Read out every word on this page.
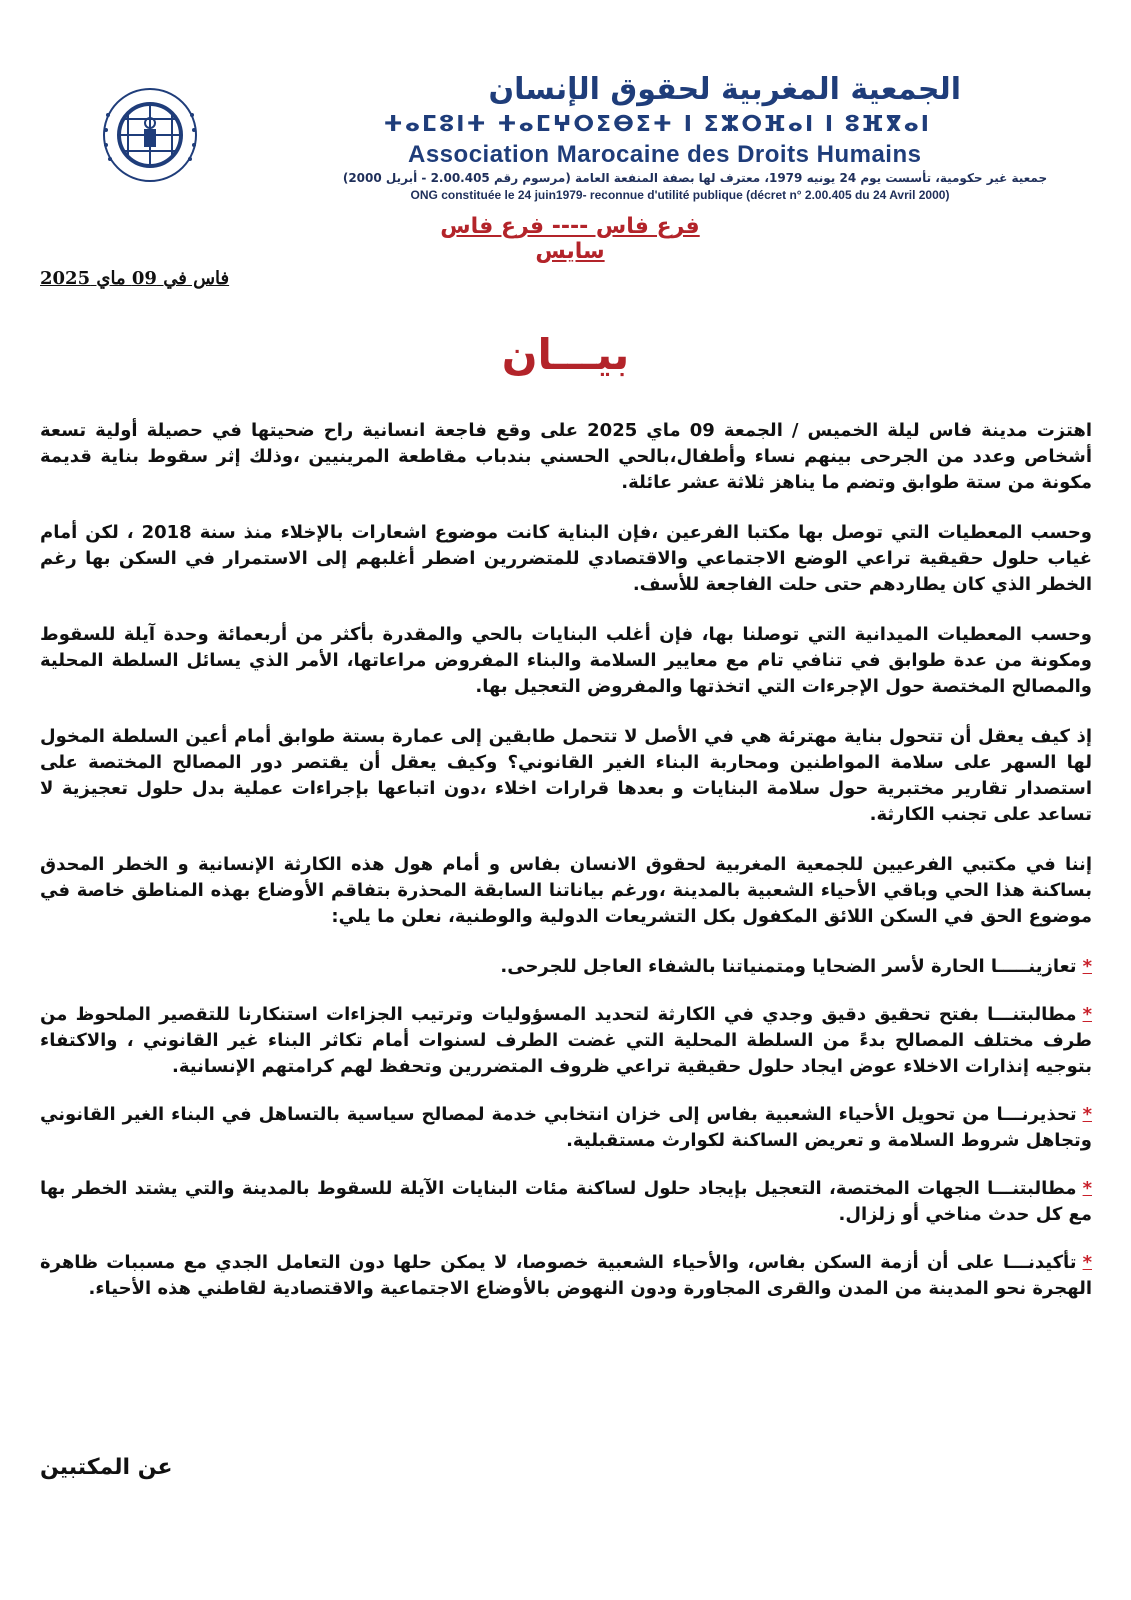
الجمعية المغربية لحقوق الإنسان
ⵜⴰⵎⵓⵏⵜ ⵜⴰⵎⵖⵔⵉⴱⵉⵜ ⵏ ⵉⵣⵔⴼⴰⵏ ⵏ ⵓⴼⴳⴰⵏ
Association Marocaine des Droits Humains
جمعية غير حكومية، تأسست يوم 24 يونيه 1979، معترف لها بصفة المنفعة العامة (مرسوم رقم 2.00.405 - أبريل 2000)
ONG constituée le 24 juin1979- reconnue d'utilité publique (décret n° 2.00.405 du 24 Avril 2000)
فرع فاس ---- فرع فاس سايس
فاس في 09 ماي 2025
بيـــان

اهتزت مدينة فاس ليلة الخميس / الجمعة 09 ماي 2025 على وقع فاجعة انسانية راح ضحيتها في حصيلة أولية تسعة أشخاص وعدد من الجرحى بينهم نساء وأطفال،بالحي الحسني بندباب مقاطعة المرينيين ،وذلك إثر سقوط بناية قديمة مكونة من ستة طوابق وتضم ما يناهز ثلاثة عشر عائلة.

وحسب المعطيات التي توصل بها مكتبا الفرعين ،فإن البناية كانت موضوع اشعارات بالإخلاء منذ سنة 2018 ، لكن أمام غياب حلول حقيقية تراعي الوضع الاجتماعي والاقتصادي للمتضررين اضطر أغلبهم إلى الاستمرار في السكن بها رغم الخطر الذي كان يطاردهم حتى حلت الفاجعة للأسف.

وحسب المعطيات الميدانية التي توصلنا بها، فإن أغلب البنايات بالحي والمقدرة بأكثر من أربعمائة وحدة آيلة للسقوط ومكونة من عدة طوابق في تنافي تام مع معايير السلامة والبناء المفروض مراعاتها، الأمر الذي يسائل السلطة المحلية والمصالح المختصة حول الإجرءات التي اتخذتها والمفروض التعجيل بها.

إذ كيف يعقل أن تتحول بناية مهترئة هي في الأصل لا تتحمل طابقين إلى عمارة بستة طوابق أمام أعين السلطة المخول لها السهر على سلامة المواطنين ومحاربة البناء الغير القانوني؟ وكيف يعقل أن يقتصر دور المصالح المختصة على استصدار تقارير مختبرية حول سلامة البنايات و بعدها قرارات اخلاء ،دون اتباعها بإجراءات عملية بدل حلول تعجيزية لا تساعد على تجنب الكارثة.

إننا في مكتبي الفرعيين للجمعية المغربية لحقوق الانسان بفاس و أمام هول هذه الكارثة الإنسانية و الخطر المحدق بساكنة هذا الحي وباقي الأحياء الشعبية بالمدينة ،ورغم بياناتنا السابقة المحذرة بتفاقم الأوضاع بهذه المناطق خاصة في موضوع الحق في السكن اللائق المكفول بكل التشريعات الدولية والوطنية، نعلن ما يلي:

*تعازينـــــا الحارة لأسر الضحايا ومتمنياتنا بالشفاء العاجل للجرحى.

*مطالبتنـــا بفتح تحقيق دقيق وجدي في الكارثة لتحديد المسؤوليات وترتيب الجزاءات استنكارنا للتقصير الملحوظ من طرف مختلف المصالح بدءً من السلطة المحلية التي غضت الطرف لسنوات أمام تكاثر البناء غير القانوني ، والاكتفاء بتوجيه إنذارات الاخلاء عوض ايجاد حلول حقيقية تراعي ظروف المتضررين وتحفظ لهم كرامتهم الإنسانية.

*تحذيرنـــا من تحويل الأحياء الشعبية بفاس إلى خزان انتخابي خدمة لمصالح سياسية بالتساهل في البناء الغير القانوني وتجاهل شروط السلامة و تعريض الساكنة لكوارث مستقبلية.

*مطالبتنـــا الجهات المختصة، التعجيل بإيجاد حلول لساكنة مئات البنايات الآيلة للسقوط بالمدينة والتي يشتد الخطر بها مع كل حدث مناخي أو زلزال.

*تأكيدنـــا على أن أزمة السكن بفاس، والأحياء الشعبية خصوصا، لا يمكن حلها دون التعامل الجدي مع مسببات ظاهرة الهجرة نحو المدينة من المدن والقرى المجاورة ودون النهوض بالأوضاع الاجتماعية والاقتصادية لقاطني هذه الأحياء.

عن المكتبين
